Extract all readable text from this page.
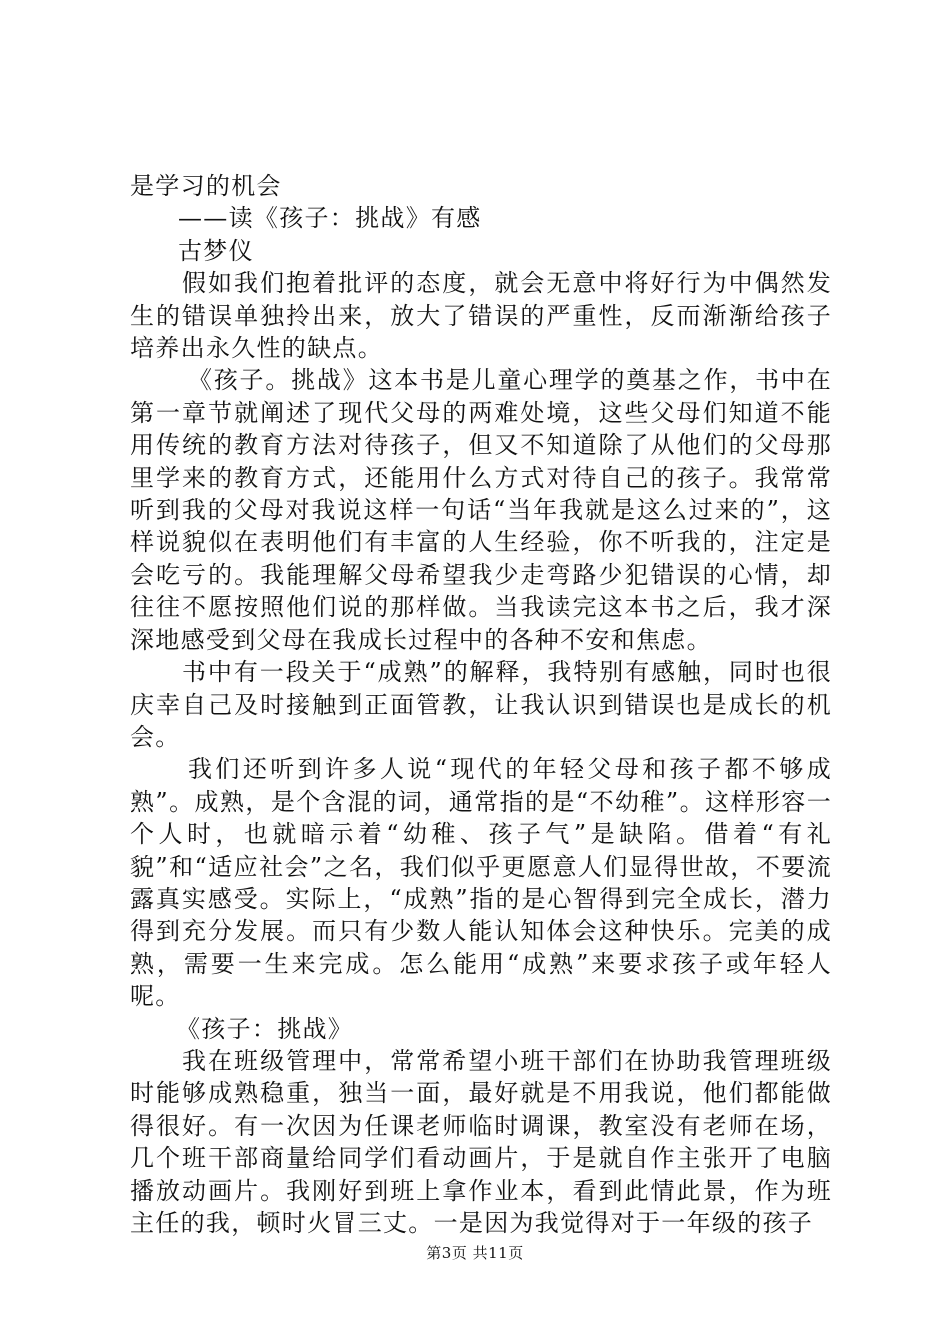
是学习的机会

——读《孩子：挑战》有感

古梦仪

假如我们抱着批评的态度，就会无意中将好行为中偶然发生的错误单独拎出来，放大了错误的严重性，反而渐渐给孩子培养出永久性的缺点。

《孩子。挑战》这本书是儿童心理学的奠基之作，书中在第一章节就阐述了现代父母的两难处境，这些父母们知道不能用传统的教育方法对待孩子，但又不知道除了从他们的父母那里学来的教育方式，还能用什么方式对待自己的孩子。我常常听到我的父母对我说这样一句话“当年我就是这么过来的”，这样说貌似在表明他们有丰富的人生经验，你不听我的，注定是会吃亏的。我能理解父母希望我少走弯路少犯错误的心情，却往往不愿按照他们说的那样做。当我读完这本书之后，我才深深地感受到父母在我成长过程中的各种不安和焦虑。

书中有一段关于“成熟”的解释，我特别有感触，同时也很庆幸自己及时接触到正面管教，让我认识到错误也是成长的机会。

我们还听到许多人说“现代的年轻父母和孩子都不够成熟”。成熟，是个含混的词，通常指的是“不幼稚”。这样形容一个人时，也就暗示着“幼稚、孩子气”是缺陷。借着“有礼貌”和“适应社会”之名，我们似乎更愿意人们显得世故，不要流露真实感受。实际上，“成熟”指的是心智得到完全成长，潜力得到充分发展。而只有少数人能认知体会这种快乐。完美的成熟，需要一生来完成。怎么能用“成熟”来要求孩子或年轻人呢。

《孩子：挑战》

我在班级管理中，常常希望小班干部们在协助我管理班级时能够成熟稳重，独当一面，最好就是不用我说，他们都能做得很好。有一次因为任课老师临时调课，教室没有老师在场，几个班干部商量给同学们看动画片，于是就自作主张开了电脑播放动画片。我刚好到班上拿作业本，看到此情此景，作为班主任的我，顿时火冒三丈。一是因为我觉得对于一年级的孩子

第3页 共11页
